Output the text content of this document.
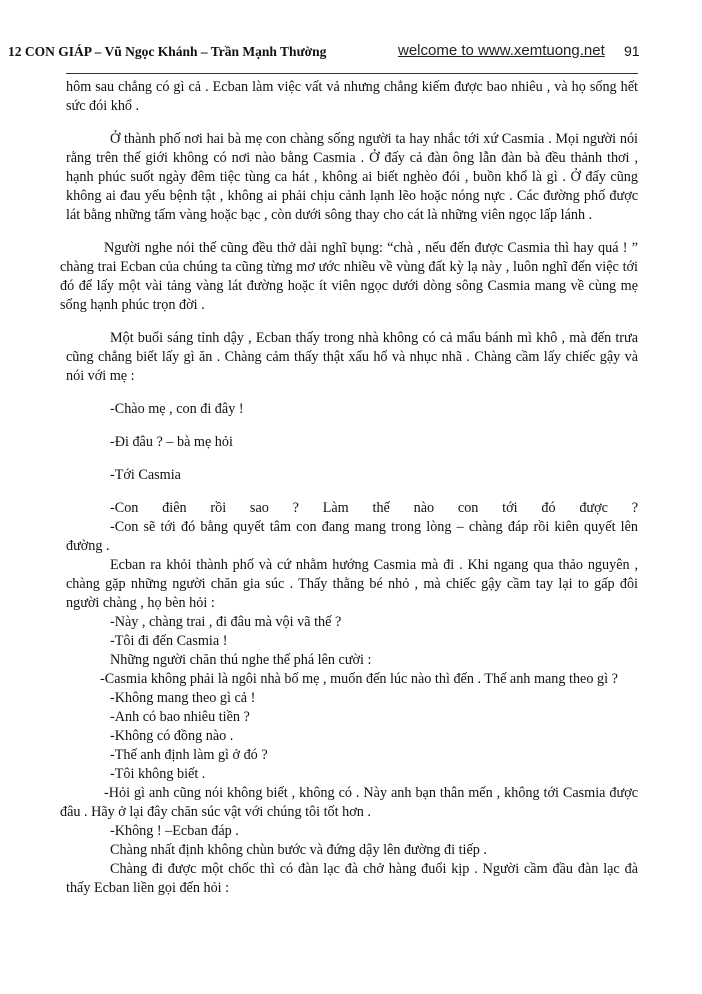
12 CON GIÁP – Vũ Ngọc Khánh – Trần Mạnh Thường	welcome to www.xemtuong.net 91

hôm sau chẳng có gì cả . Ecban làm việc vất vả nhưng chẳng kiếm được bao nhiêu , và họ sống hết sức đói khổ .

Ở thành phố nơi hai bà mẹ con chàng sống người ta hay nhắc tới xứ Casmia . Mọi người nói rằng trên thế giới không có nơi nào bằng Casmia . Ở đấy cả đàn ông lẫn đàn bà đều thảnh thơi , hạnh phúc suốt ngày đêm tiệc tùng ca hát , không ai biết nghèo đói , buồn khổ là gì . Ở đấy cũng không ai đau yếu bệnh tật , không ai phải chịu cảnh lạnh lẽo hoặc nóng nực . Các đường phố được lát bằng những tấm vàng hoặc bạc , còn dưới sông thay cho cát là những viên ngọc lấp lánh .

Người nghe nói thế cũng đều thở dài nghĩ bụng: “chà , nếu đến được Casmia thì hay quá ! ” chàng trai Ecban của chúng ta cũng từng mơ ước nhiều về vùng đất kỳ lạ này , luôn nghĩ đến việc tới đó để lấy một vài tảng vàng lát đường hoặc ít viên ngọc dưới dòng sông Casmia mang về cùng mẹ sống hạnh phúc trọn đời .

Một buổi sáng tỉnh dậy , Ecban thấy trong nhà không có cả mẩu bánh mì khô , mà đến trưa cũng chẳng biết lấy gì ăn . Chàng cảm thấy thật xấu hổ và nhục nhã . Chàng cầm lấy chiếc gậy và nói với mẹ :

-Chào mẹ , con đi đây !

-Đi đâu ? – bà mẹ hỏi

-Tới Casmia

-Con điên rồi sao ? Làm thế nào con tới đó được ?

-Con sẽ tới đó bằng quyết tâm con đang mang trong lòng – chàng đáp rồi kiên quyết lên đường .

Ecban ra khỏi thành phố và cứ nhằm hướng Casmia mà đi . Khi ngang qua thảo nguyên , chàng gặp những người chăn gia súc . Thấy thằng bé nhỏ , mà chiếc gậy cầm tay lại to gấp đôi người chàng , họ bèn hỏi :

-Này , chàng trai , đi đâu mà vội vã thế ?

-Tôi đi đến Casmia !

Những người chăn thú nghe thế phá lên cười :

-Casmia không phải là ngôi nhà bố mẹ , muốn đến lúc nào thì đến . Thế anh mang theo gì ?

-Không mang theo gì cả !

-Anh có bao nhiêu tiền ?

-Không có đồng nào .

-Thế anh định làm gì ở đó ?

-Tôi không biết .

-Hỏi gì anh cũng nói không biết , không có . Này anh bạn thân mến , không tới Casmia được đâu . Hãy ở lại đây chăn súc vật với chúng tôi tốt hơn .

-Không ! –Ecban đáp .

Chàng nhất định không chùn bước và đứng dậy lên đường đi tiếp .

Chàng đi được một chốc thì có đàn lạc đà chở hàng đuổi kịp . Người cầm đầu đàn lạc đà thấy Ecban liền gọi đến hỏi :
